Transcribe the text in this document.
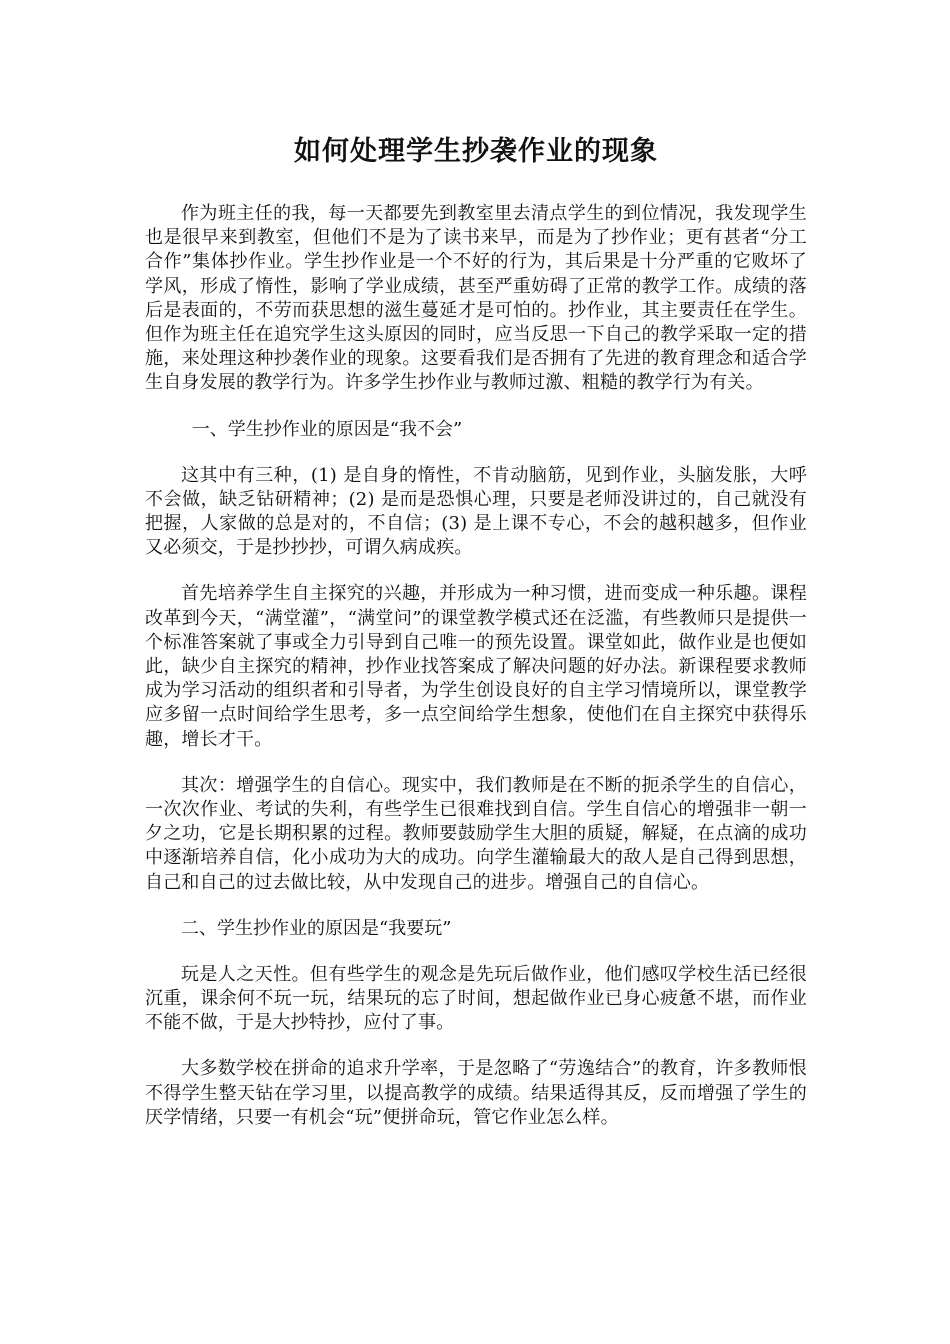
如何处理学生抄袭作业的现象

作为班主任的我，每一天都要先到教室里去清点学生的到位情况，我发现学生也是很早来到教室，但他们不是为了读书来早，而是为了抄作业；更有甚者“分工合作”集体抄作业。学生抄作业是一个不好的行为，其后果是十分严重的它败坏了学风，形成了惰性，影响了学业成绩，甚至严重妨碍了正常的教学工作。成绩的落后是表面的，不劳而获思想的滋生蔓延才是可怕的。抄作业，其主要责任在学生。但作为班主任在追究学生这头原因的同时，应当反思一下自己的教学采取一定的措施，来处理这种抄袭作业的现象。这要看我们是否拥有了先进的教育理念和适合学生自身发展的教学行为。许多学生抄作业与教师过激、粗糙的教学行为有关。

一、学生抄作业的原因是“我不会”

这其中有三种，(1) 是自身的惰性，不肯动脑筋，见到作业，头脑发胀，大呼不会做，缺乏钻研精神；(2) 是而是恐惧心理，只要是老师没讲过的，自己就没有把握，人家做的总是对的，不自信；(3) 是上课不专心，不会的越积越多，但作业又必须交，于是抄抄抄，可谓久病成疾。

首先培养学生自主探究的兴趣，并形成为一种习惯，进而变成一种乐趣。课程改革到今天，“满堂灌”，“满堂问”的课堂教学模式还在泛滥，有些教师只是提供一个标准答案就了事或全力引导到自己唯一的预先设置。课堂如此，做作业是也便如此，缺少自主探究的精神，抄作业找答案成了解决问题的好办法。新课程要求教师成为学习活动的组织者和引导者，为学生创设良好的自主学习情境所以，课堂教学应多留一点时间给学生思考，多一点空间给学生想象，使他们在自主探究中获得乐趣，增长才干。

其次：增强学生的自信心。现实中，我们教师是在不断的扼杀学生的自信心，一次次作业、考试的失利，有些学生已很难找到自信。学生自信心的增强非一朝一夕之功，它是长期积累的过程。教师要鼓励学生大胆的质疑，解疑，在点滴的成功中逐渐培养自信，化小成功为大的成功。向学生灌输最大的敌人是自己得到思想，自己和自己的过去做比较，从中发现自己的进步。增强自己的自信心。

二、学生抄作业的原因是“我要玩”

玩是人之天性。但有些学生的观念是先玩后做作业，他们感叹学校生活已经很沉重，课余何不玩一玩，结果玩的忘了时间，想起做作业已身心疲惫不堪，而作业不能不做，于是大抄特抄，应付了事。

大多数学校在拼命的追求升学率，于是忽略了“劳逸结合”的教育，许多教师恨不得学生整天钻在学习里，以提高教学的成绩。结果适得其反，反而增强了学生的厌学情绪，只要一有机会“玩”便拼命玩，管它作业怎么样。
